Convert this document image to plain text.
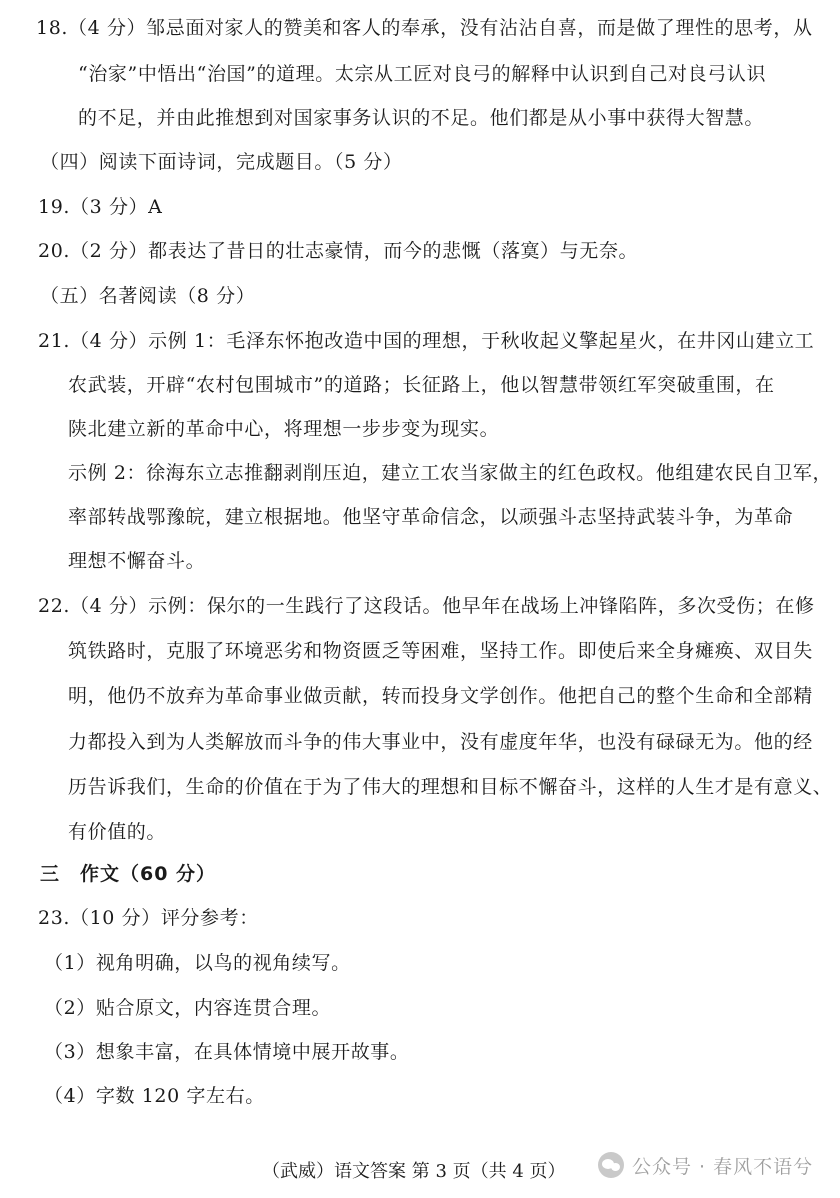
18.（4 分）邹忌面对家人的赞美和客人的奉承，没有沾沾自喜，而是做了理性的思考，从
“治家”中悟出“治国”的道理。太宗从工匠对良弓的解释中认识到自己对良弓认识
的不足，并由此推想到对国家事务认识的不足。他们都是从小事中获得大智慧。
（四）阅读下面诗词，完成题目。（5 分）
19.（3 分）A
20.（2 分）都表达了昔日的壮志豪情，而今的悲慨（落寞）与无奈。
（五）名著阅读（8 分）
21.（4 分）示例 1：毛泽东怀抱改造中国的理想，于秋收起义擎起星火，在井冈山建立工
农武装，开辟“农村包围城市”的道路；长征路上，他以智慧带领红军突破重围，在
陕北建立新的革命中心，将理想一步步变为现实。
示例 2：徐海东立志推翻剥削压迫，建立工农当家做主的红色政权。他组建农民自卫军，
率部转战鄂豫皖，建立根据地。他坚守革命信念，以顽强斗志坚持武装斗争，为革命
理想不懈奋斗。
22.（4 分）示例：保尔的一生践行了这段话。他早年在战场上冲锋陷阵，多次受伤；在修
筑铁路时，克服了环境恶劣和物资匮乏等困难，坚持工作。即使后来全身瘫痪、双目失
明，他仍不放弃为革命事业做贡献，转而投身文学创作。他把自己的整个生命和全部精
力都投入到为人类解放而斗争的伟大事业中，没有虚度年华，也没有碌碌无为。他的经
历告诉我们，生命的价值在于为了伟大的理想和目标不懈奋斗，这样的人生才是有意义、
有价值的。
三　作文（60 分）
23.（10 分）评分参考：
（1）视角明确，以鸟的视角续写。
（2）贴合原文，内容连贯合理。
（3）想象丰富，在具体情境中展开故事。
（4）字数 120 字左右。
（武威）语文答案 第 3 页（共 4 页）	公众号 · 春风不语兮
